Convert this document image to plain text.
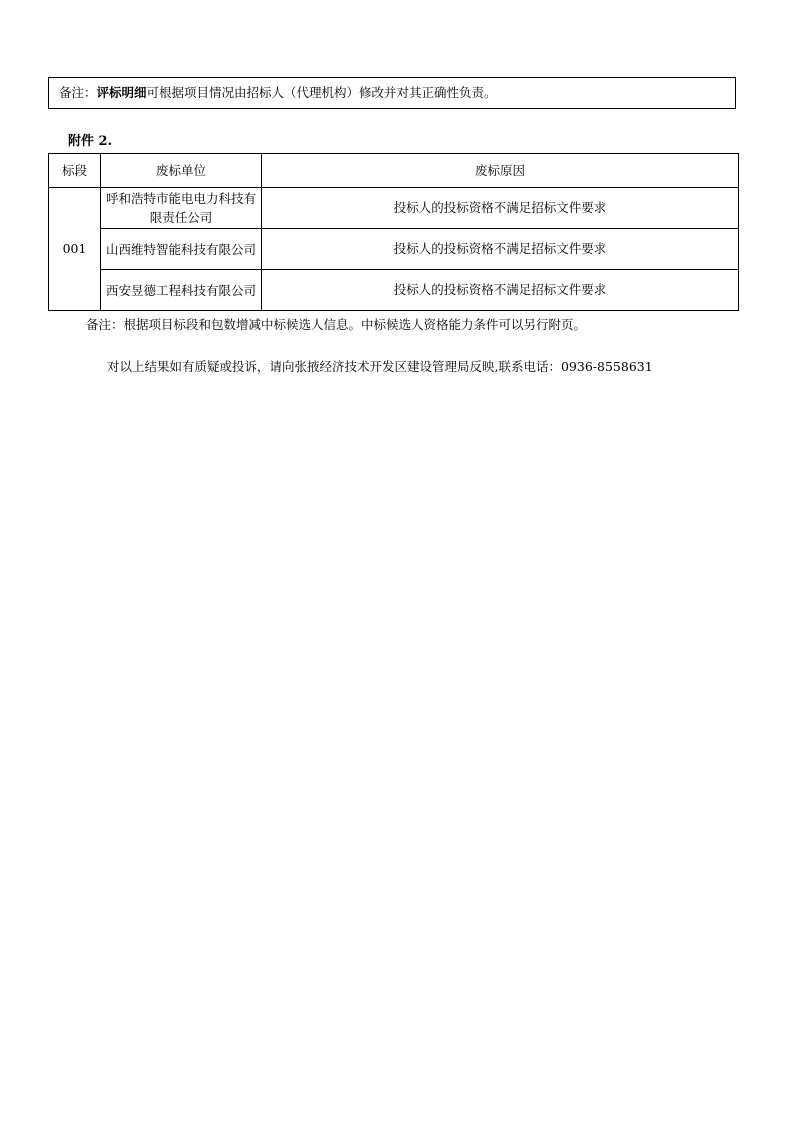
备注：评标明细可根据项目情况由招标人（代理机构）修改并对其正确性负责。
附件 2.
标段	废标单位	废标原因
001	呼和浩特市能电电力科技有限责任公司	投标人的投标资格不满足招标文件要求
	山西维特智能科技有限公司	投标人的投标资格不满足招标文件要求
	西安昱德工程科技有限公司	投标人的投标资格不满足招标文件要求
备注：根据项目标段和包数增减中标候选人信息。中标候选人资格能力条件可以另行附页。
对以上结果如有质疑或投诉，请向张掖经济技术开发区建设管理局反映,联系电话：0936-8558631
